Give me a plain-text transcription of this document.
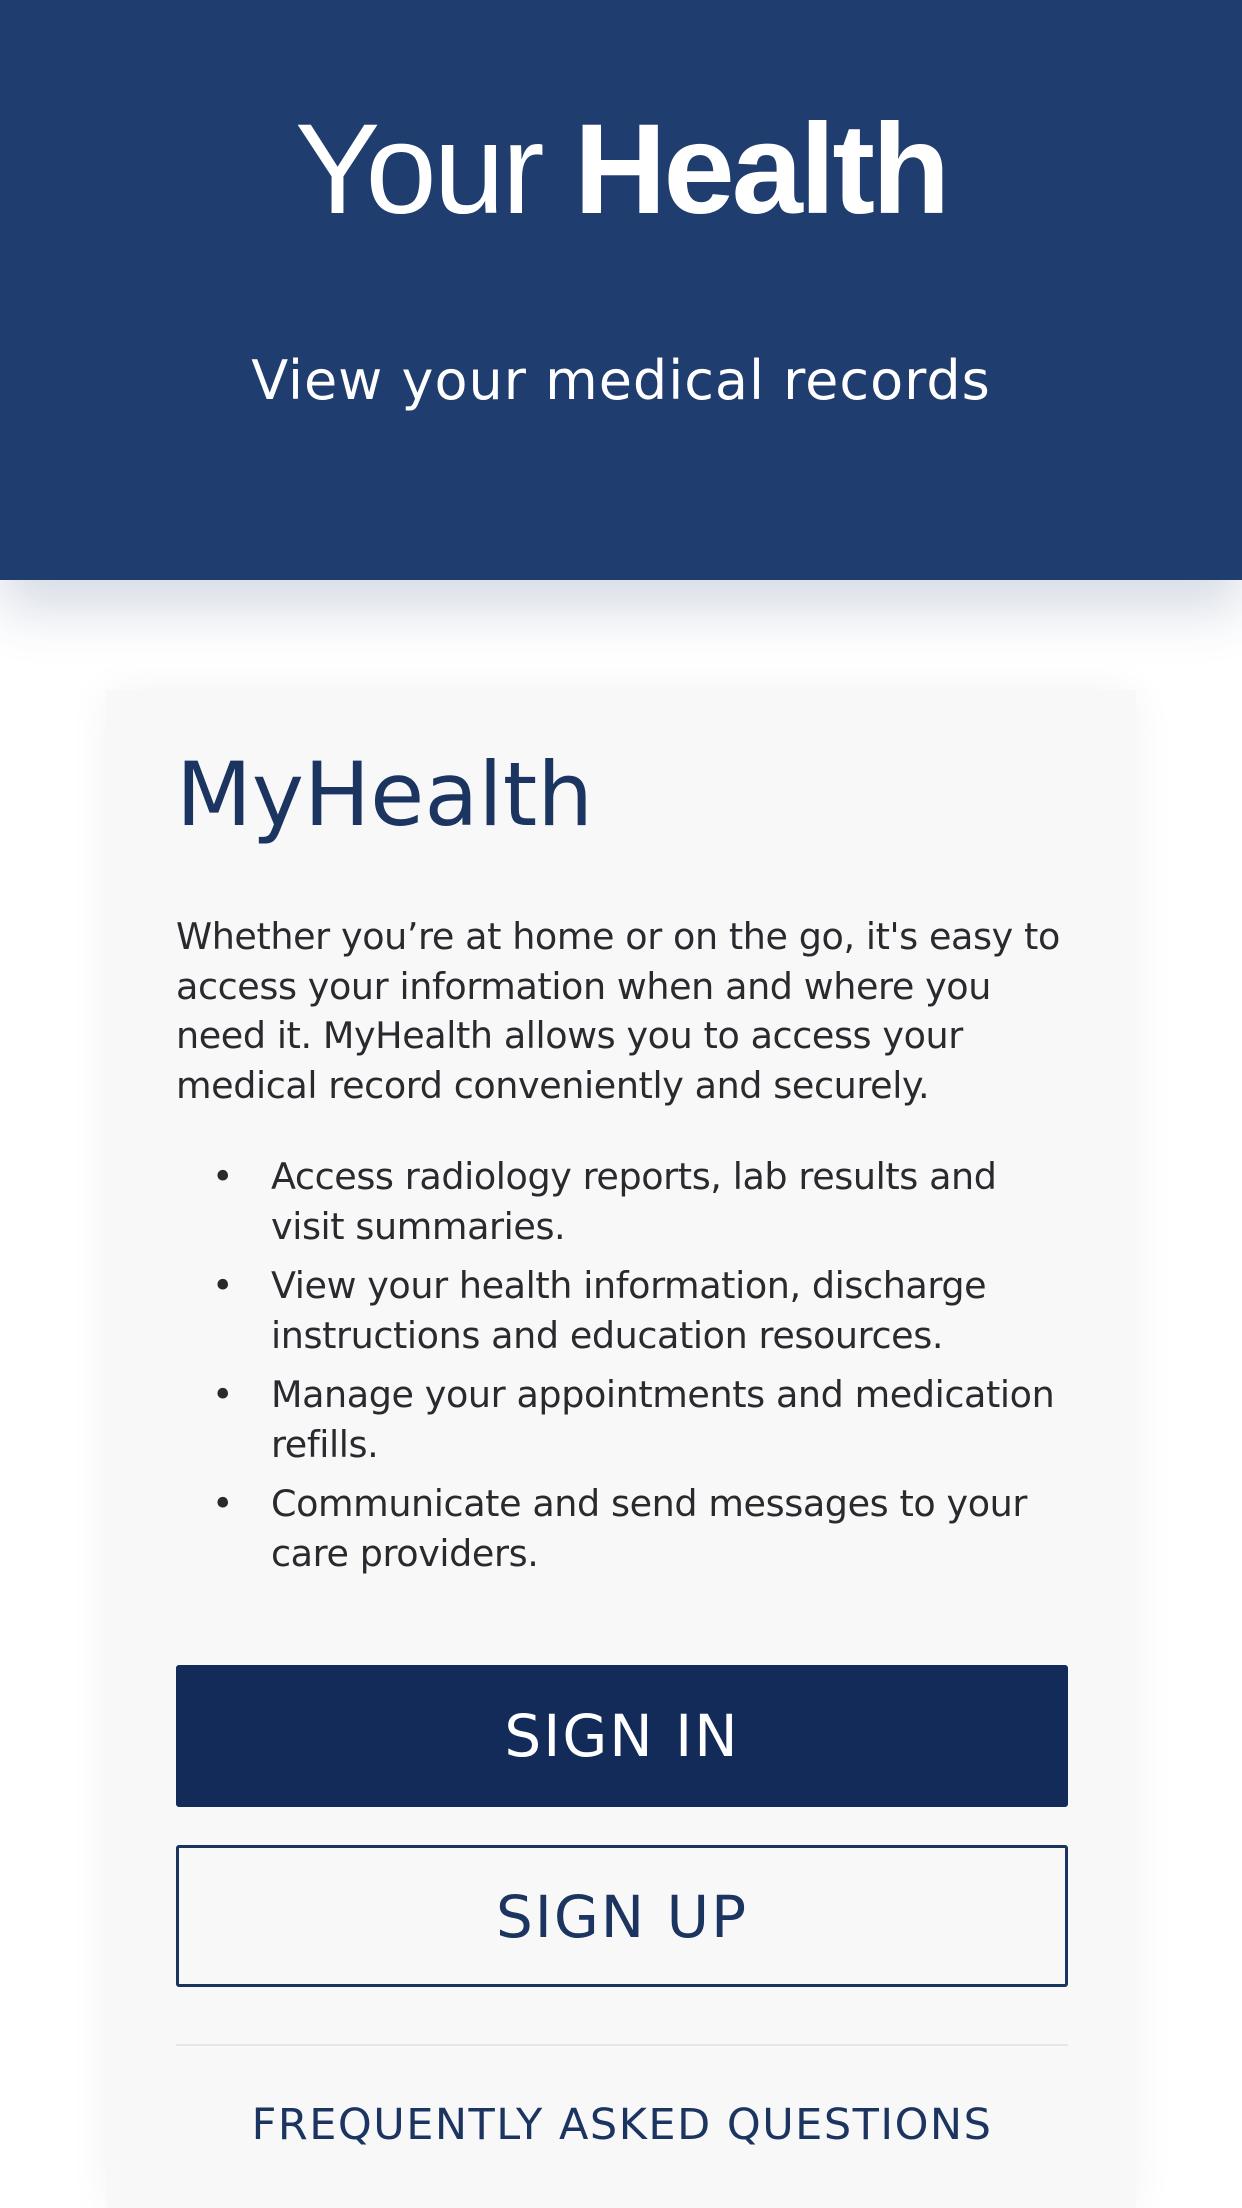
Your Health
View your medical records
MyHealth

Whether you’re at home or on the go, it's easy to access your information when and where you need it. MyHealth allows you to access your medical record conveniently and securely.

• Access radiology reports, lab results and visit summaries.
• View your health information, discharge instructions and education resources.
• Manage your appointments and medication refills.
• Communicate and send messages to your care providers.
SIGN IN
SIGN UP
FREQUENTLY ASKED QUESTIONS
